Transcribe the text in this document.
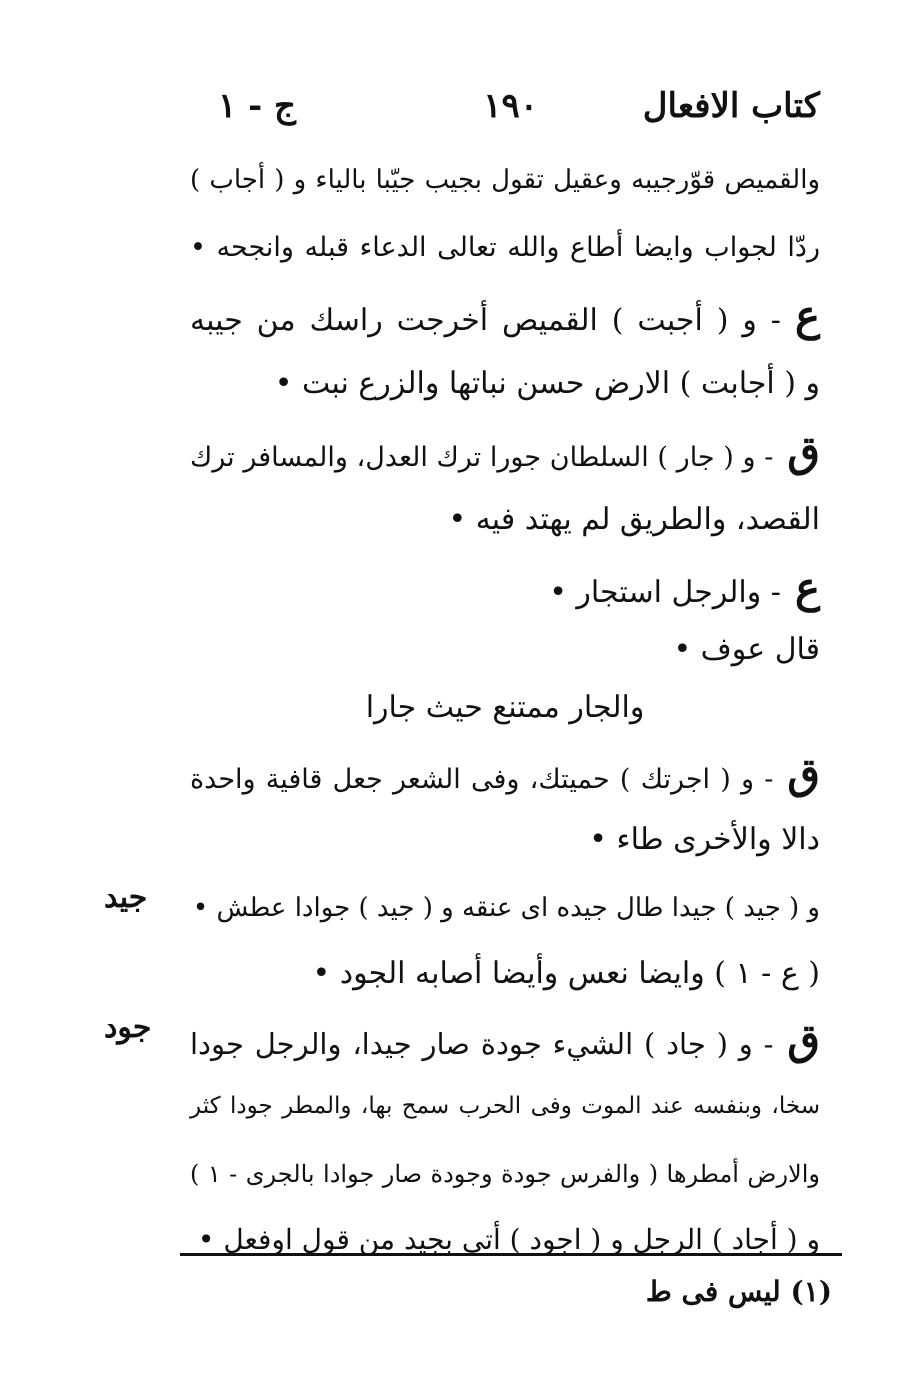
كتاب الافعال
١٩٠
ج - ١
والقميص قوّرجيبه وعقيل تقول بجيب جيّبا بالياء و ( أجاب )
ردّا لجواب وايضا أطاع والله تعالى الدعاء قبله وانجحه •
ع- و ( أجبت ) القميص أخرجت راسك من جيبه
و ( أجابت ) الارض حسن نباتها والزرع نبت •
ق- و ( جار ) السلطان جورا ترك العدل، والمسافر ترك
القصد، والطريق لم يهتد فيه •
ع- والرجل استجار •
قال عوف •
والجار ممتنع حيث جارا
ق- و ( اجرتك ) حميتك، وفى الشعر جعل قافية واحدة
دالا والأخرى طاء •
و ( جيد ) جيدا طال جيده اى عنقه و ( جيد ) جوادا عطش •
( ع - ١ ) وايضا نعس وأيضا أصابه الجود •
ق- و ( جاد ) الشيء جودة صار جيدا، والرجل جودا
سخا، وبنفسه عند الموت وفى الحرب سمح بها، والمطر جودا كثر
والارض أمطرها ( والفرس جودة وجودة صار جوادا بالجرى - ١ )
و ( أجاد ) الرجل و ( اجود ) أتى بجيد من قول اوفعل •
جيد
جود
(١) ليس فى ط
